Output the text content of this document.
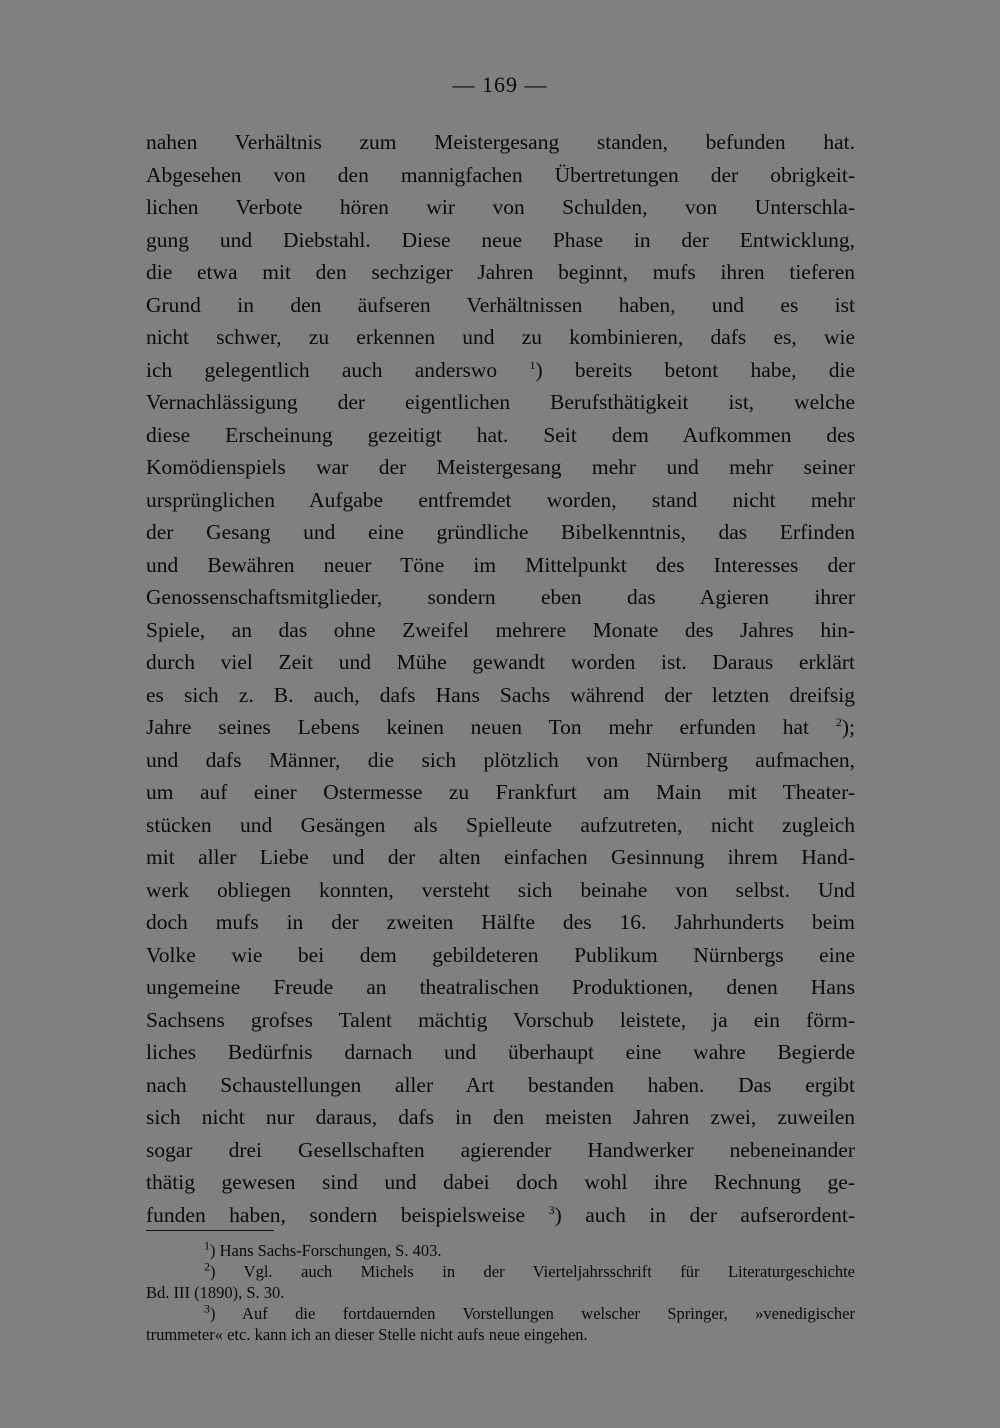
— 169 —
nahen Verhältnis zum Meistergesang standen, befunden hat.
Abgesehen von den mannigfachen Übertretungen der obrigkeit-
lichen Verbote hören wir von Schulden, von Unterschla-
gung und Diebstahl. Diese neue Phase in der Entwicklung,
die etwa mit den sechziger Jahren beginnt, mufs ihren tieferen
Grund in den äufseren Verhältnissen haben, und es ist
nicht schwer, zu erkennen und zu kombinieren, dafs es, wie
ich gelegentlich auch anderswo	$^1$) bereits betont habe, die
Vernachlässigung der eigentlichen Berufsthätigkeit ist, welche
diese Erscheinung gezeitigt hat. Seit dem Aufkommen des
Komödienspiels war der Meistergesang mehr und mehr seiner
ursprünglichen Aufgabe entfremdet worden, stand nicht mehr
der Gesang und eine gründliche Bibelkenntnis, das Erfinden
und Bewähren neuer Töne im Mittelpunkt des Interesses der
Genossenschaftsmitglieder, sondern eben das Agieren ihrer
Spiele, an das ohne Zweifel mehrere Monate des Jahres hin-
durch viel Zeit und Mühe gewandt worden ist. Daraus erklärt
es sich z. B. auch, dafs Hans Sachs während der letzten dreifsig
Jahre seines Lebens keinen neuen Ton mehr erfunden hat $^2$);
und dafs Männer, die sich plötzlich von Nürnberg aufmachen,
um auf einer Ostermesse zu Frankfurt am Main mit Theater-
stücken und Gesängen als Spielleute aufzutreten, nicht zugleich
mit aller Liebe und der alten einfachen Gesinnung ihrem Hand-
werk obliegen konnten, versteht sich beinahe von selbst. Und
doch mufs in der zweiten Hälfte des 16. Jahrhunderts beim
Volke wie bei dem gebildeteren Publikum Nürnbergs eine
ungemeine Freude an theatralischen Produktionen, denen Hans
Sachsens grofses Talent mächtig Vorschub leistete, ja ein förm-
liches Bedürfnis darnach und überhaupt eine wahre Begierde
nach Schaustellungen aller Art bestanden haben. Das ergibt
sich nicht nur daraus, dafs in den meisten Jahren zwei, zuweilen
sogar drei Gesellschaften agierender Handwerker nebeneinander
thätig gewesen sind und dabei doch wohl ihre Rechnung ge-
funden haben, sondern beispielsweise $^3$) auch in der aufserordent-
$^1$) Hans Sachs-Forschungen, S. 403.
$^2$) Vgl. auch Michels in der Vierteljahrsschrift für Literaturgeschichte
Bd. III (1890), S. 30.
$^3$) Auf die fortdauernden Vorstellungen welscher Springer, »venedigischer
trummeter« etc. kann ich an dieser Stelle nicht aufs neue eingehen.
